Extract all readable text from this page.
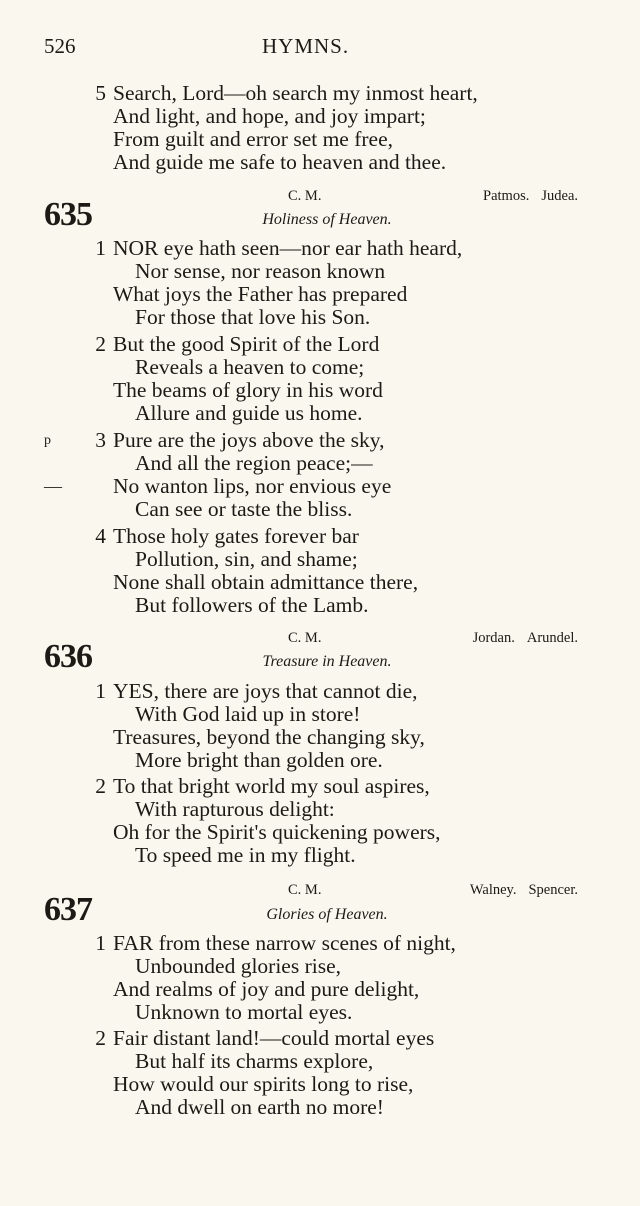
526	HYMNS.
5 Search, Lord—oh search my inmost heart,
And light, and hope, and joy impart;
From guilt and error set me free,
And guide me safe to heaven and thee.
C. M.	Patmos. Judea.
635	Holiness of Heaven.
1 NOR eye hath seen—nor ear hath heard,
Nor sense, nor reason known
What joys the Father has prepared
For those that love his Son.
2 But the good Spirit of the Lord
Reveals a heaven to come;
The beams of glory in his word
Allure and guide us home.
p	3 Pure are the joys above the sky,
And all the region peace;—
— No wanton lips, nor envious eye
Can see or taste the bliss.
4 Those holy gates forever bar
Pollution, sin, and shame;
None shall obtain admittance there,
But followers of the Lamb.
C. M.	Jordan. Arundel.
636	Treasure in Heaven.
1 YES, there are joys that cannot die,
With God laid up in store!
Treasures, beyond the changing sky,
More bright than golden ore.
2 To that bright world my soul aspires,
With rapturous delight:
Oh for the Spirit's quickening powers,
To speed me in my flight.
C. M.	Walney. Spencer.
637	Glories of Heaven.
1 FAR from these narrow scenes of night,
Unbounded glories rise,
And realms of joy and pure delight,
Unknown to mortal eyes.
2 Fair distant land!—could mortal eyes
But half its charms explore,
How would our spirits long to rise,
And dwell on earth no more!
